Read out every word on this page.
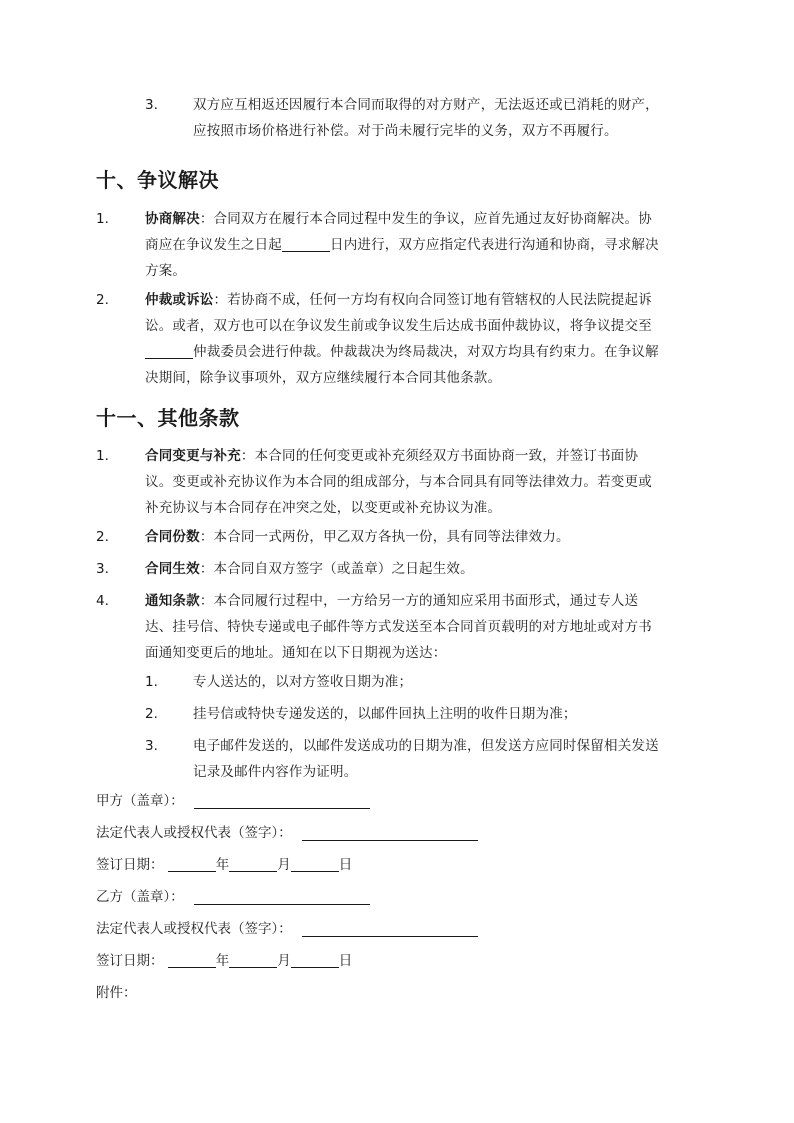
3.	双方应互相返还因履行本合同而取得的对方财产，无法返还或已消耗的财产，
应按照市场价格进行补偿。对于尚未履行完毕的义务，双方不再履行。
十、争议解决
1.	协商解决：合同双方在履行本合同过程中发生的争议，应首先通过友好协商解决。协
商应在争议发生之日起	日内进行，双方应指定代表进行沟通和协商，寻求解决
方案。
2.	仲裁或诉讼：若协商不成，任何一方均有权向合同签订地有管辖权的人民法院提起诉
讼。或者，双方也可以在争议发生前或争议发生后达成书面仲裁协议，将争议提交至
仲裁委员会进行仲裁。仲裁裁决为终局裁决，对双方均具有约束力。在争议解
决期间，除争议事项外，双方应继续履行本合同其他条款。
十一、其他条款
1.	合同变更与补充：本合同的任何变更或补充须经双方书面协商一致，并签订书面协
议。变更或补充协议作为本合同的组成部分，与本合同具有同等法律效力。若变更或
补充协议与本合同存在冲突之处，以变更或补充协议为准。
2.	合同份数：本合同一式两份，甲乙双方各执一份，具有同等法律效力。
3.	合同生效：本合同自双方签字（或盖章）之日起生效。
4.	通知条款：本合同履行过程中，一方给另一方的通知应采用书面形式，通过专人送
达、挂号信、特快专递或电子邮件等方式发送至本合同首页载明的对方地址或对方书
面通知变更后的地址。通知在以下日期视为送达：
1.	专人送达的，以对方签收日期为准；
2.	挂号信或特快专递发送的，以邮件回执上注明的收件日期为准；
3.	电子邮件发送的，以邮件发送成功的日期为准，但发送方应同时保留相关发送
记录及邮件内容作为证明。
甲方（盖章）：
法定代表人或授权代表（签字）：
签订日期：	年	月	日
乙方（盖章）：
法定代表人或授权代表（签字）：
签订日期：	年	月	日
附件：
